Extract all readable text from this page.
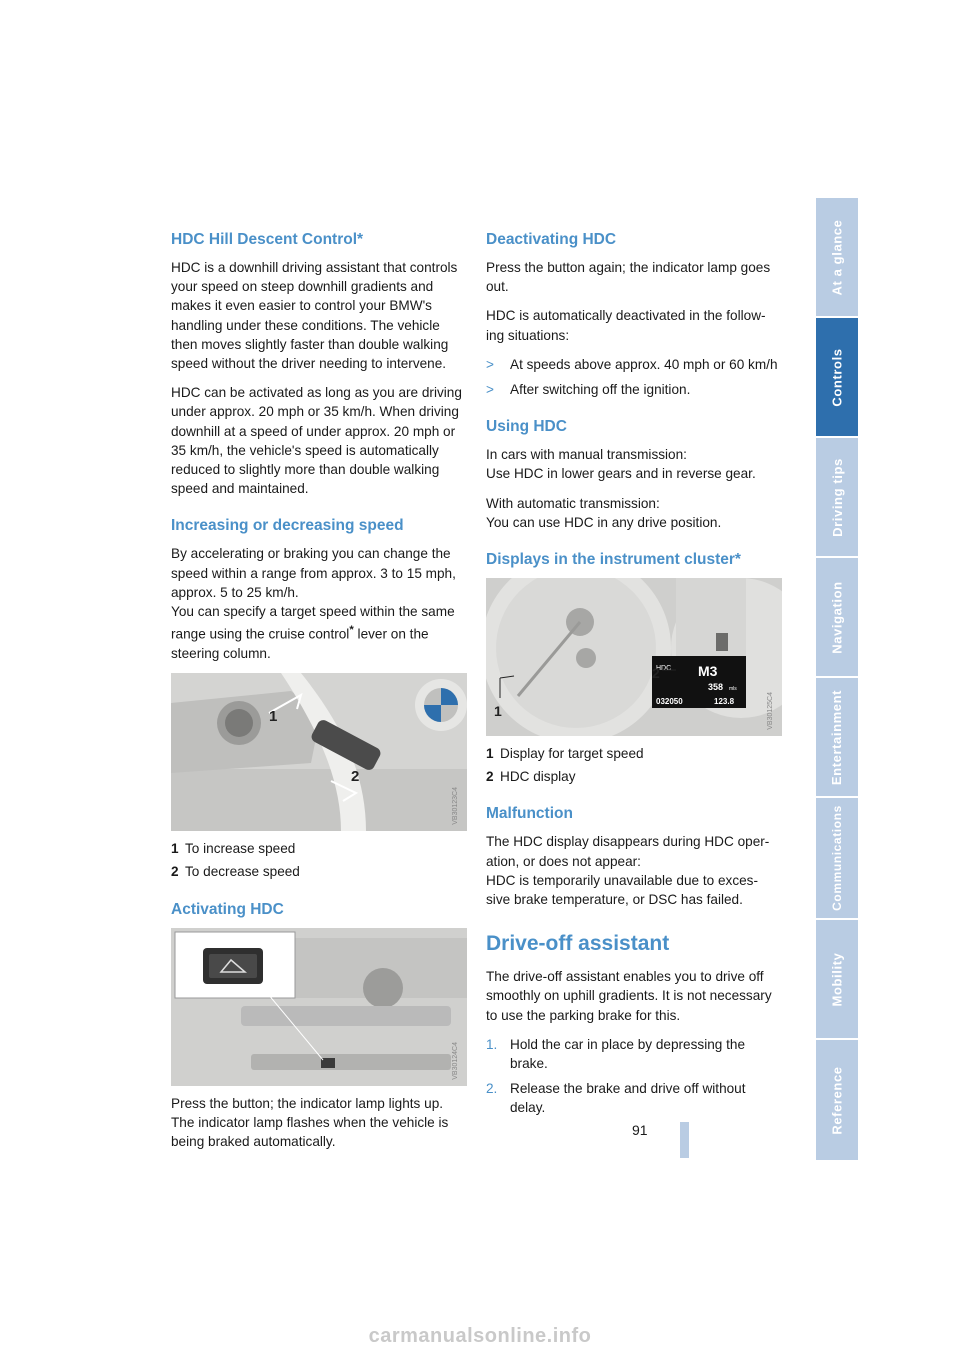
HDC Hill Descent Control*

HDC is a downhill driving assistant that controls your speed on steep downhill gradients and makes it even easier to control your BMW's handling under these conditions. The vehicle then moves slightly faster than double walking speed without the driver needing to intervene.

HDC can be activated as long as you are driving under approx. 20 mph or 35 km/h. When driving downhill at a speed of under approx. 20 mph or 35 km/h, the vehicle's speed is automatically reduced to slightly more than double walking speed and maintained.

Increasing or decreasing speed

By accelerating or braking you can change the speed within a range from approx. 3 to 15 mph, approx. 5 to 25 km/h.
You can specify a target speed within the same range using the cruise control* lever on the steering column.

1
2
VB30123C4
1 To increase speed
2 To decrease speed
Activating HDC
VB30124C4

Press the button; the indicator lamp lights up.
The indicator lamp flashes when the vehicle is being braked automatically.

Deactivating HDC

Press the button again; the indicator lamp goes out.

HDC is automatically deactivated in the follow-ing situations:

>	At speeds above approx. 40 mph or 60 km/h
>	After switching off the ignition.
Using HDC

In cars with manual transmission:
Use HDC in lower gears and in reverse gear.

With automatic transmission:
You can use HDC in any drive position.

Displays in the instrument cluster*
HDC M3
358 mls
032050	123.8
1
2
VB30125C4
1 Display for target speed
2 HDC display
Malfunction

The HDC display disappears during HDC oper-ation, or does not appear:
HDC is temporarily unavailable due to exces-sive brake temperature, or DSC has failed.

Drive-off assistant

The drive-off assistant enables you to drive off smoothly on uphill gradients. It is not necessary to use the parking brake for this.

1. Hold the car in place by depressing the brake.
2. Release the brake and drive off without delay.
At a glance
Controls
Driving tips
Navigation
Entertainment
Communications
Mobility
Reference
91
carmanualsonline.info
